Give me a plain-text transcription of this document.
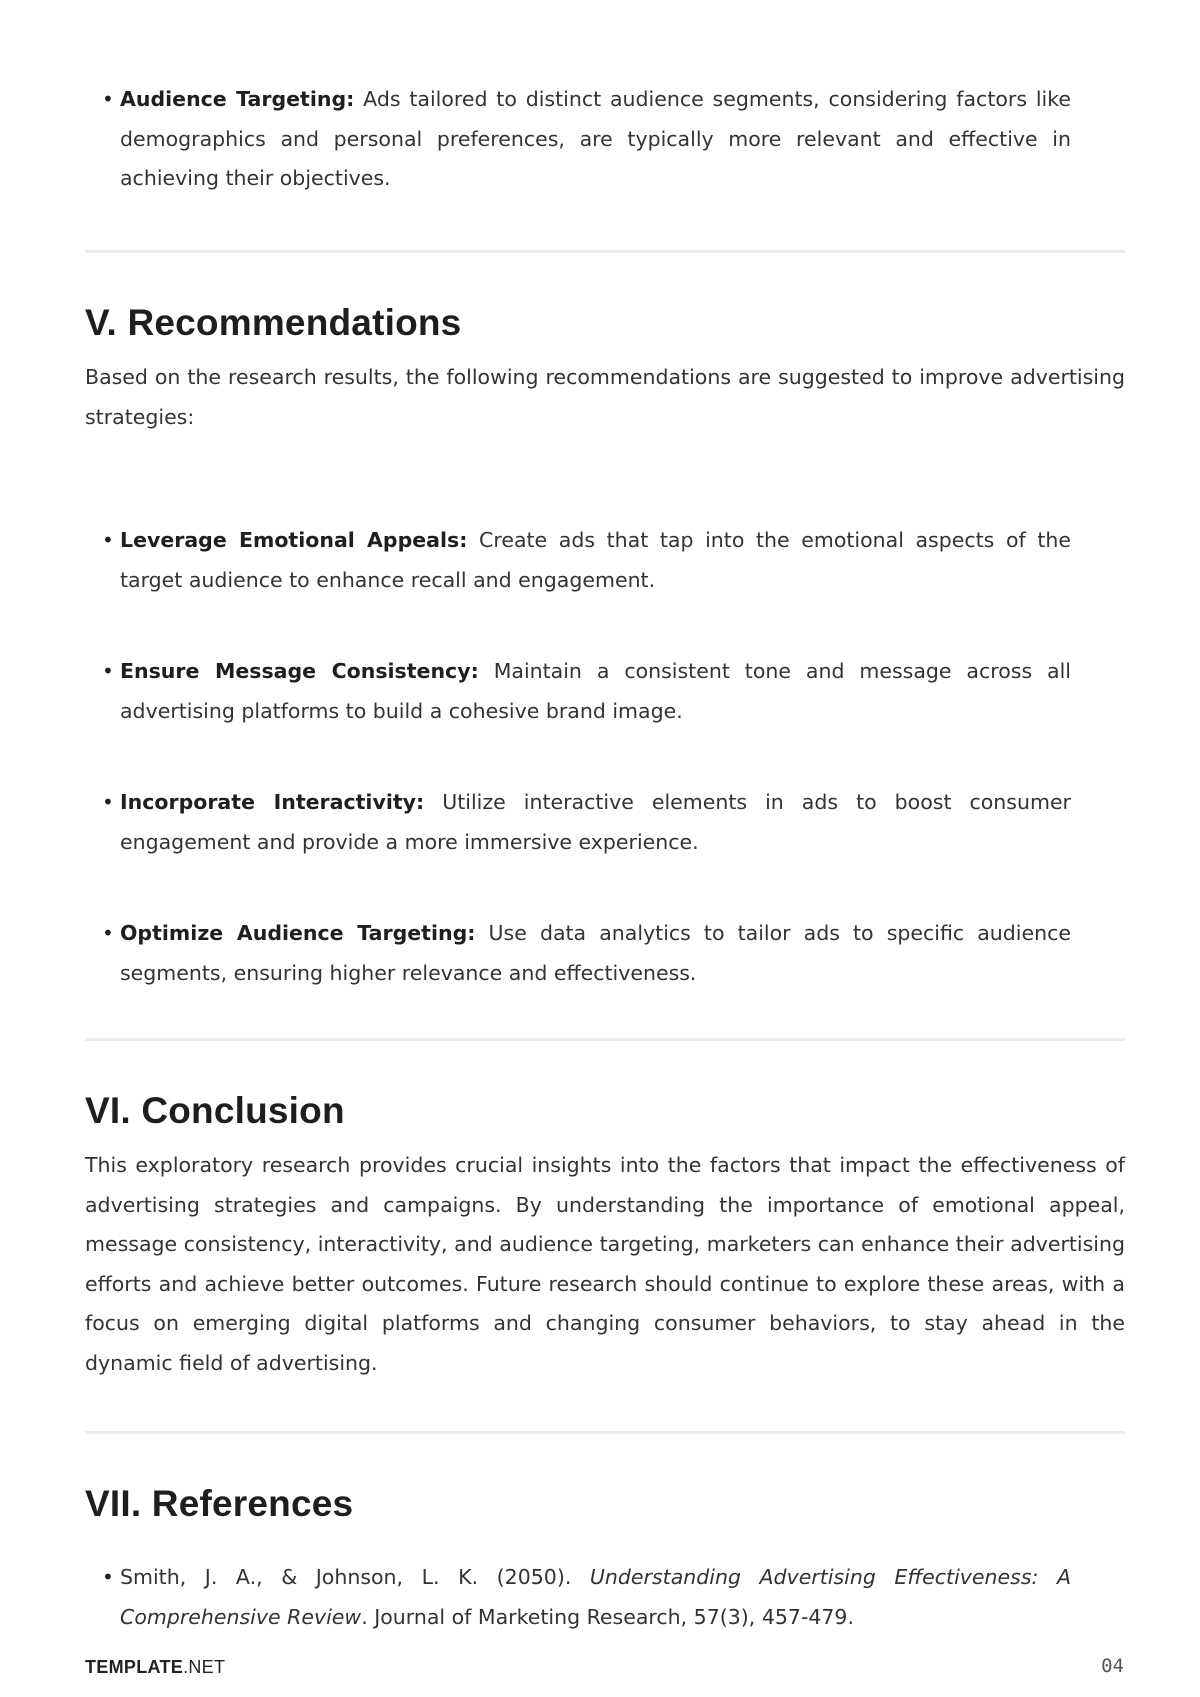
• Audience Targeting: Ads tailored to distinct audience segments, considering factors like demographics and personal preferences, are typically more relevant and effective in achieving their objectives.
V. Recommendations

Based on the research results, the following recommendations are suggested to improve advertising strategies:

• Leverage Emotional Appeals: Create ads that tap into the emotional aspects of the target audience to enhance recall and engagement.
• Ensure Message Consistency: Maintain a consistent tone and message across all advertising platforms to build a cohesive brand image.
• Incorporate Interactivity: Utilize interactive elements in ads to boost consumer engagement and provide a more immersive experience.
• Optimize Audience Targeting: Use data analytics to tailor ads to specific audience segments, ensuring higher relevance and effectiveness.
VI. Conclusion

This exploratory research provides crucial insights into the factors that impact the effectiveness of advertising strategies and campaigns. By understanding the importance of emotional appeal, message consistency, interactivity, and audience targeting, marketers can enhance their advertising efforts and achieve better outcomes. Future research should continue to explore these areas, with a focus on emerging digital platforms and changing consumer behaviors, to stay ahead in the dynamic field of advertising.

VII. References
• Smith, J. A., & Johnson, L. K. (2050). Understanding Advertising Effectiveness: A Comprehensive Review. Journal of Marketing Research, 57(3), 457-479.
TEMPLATE.NET	04
